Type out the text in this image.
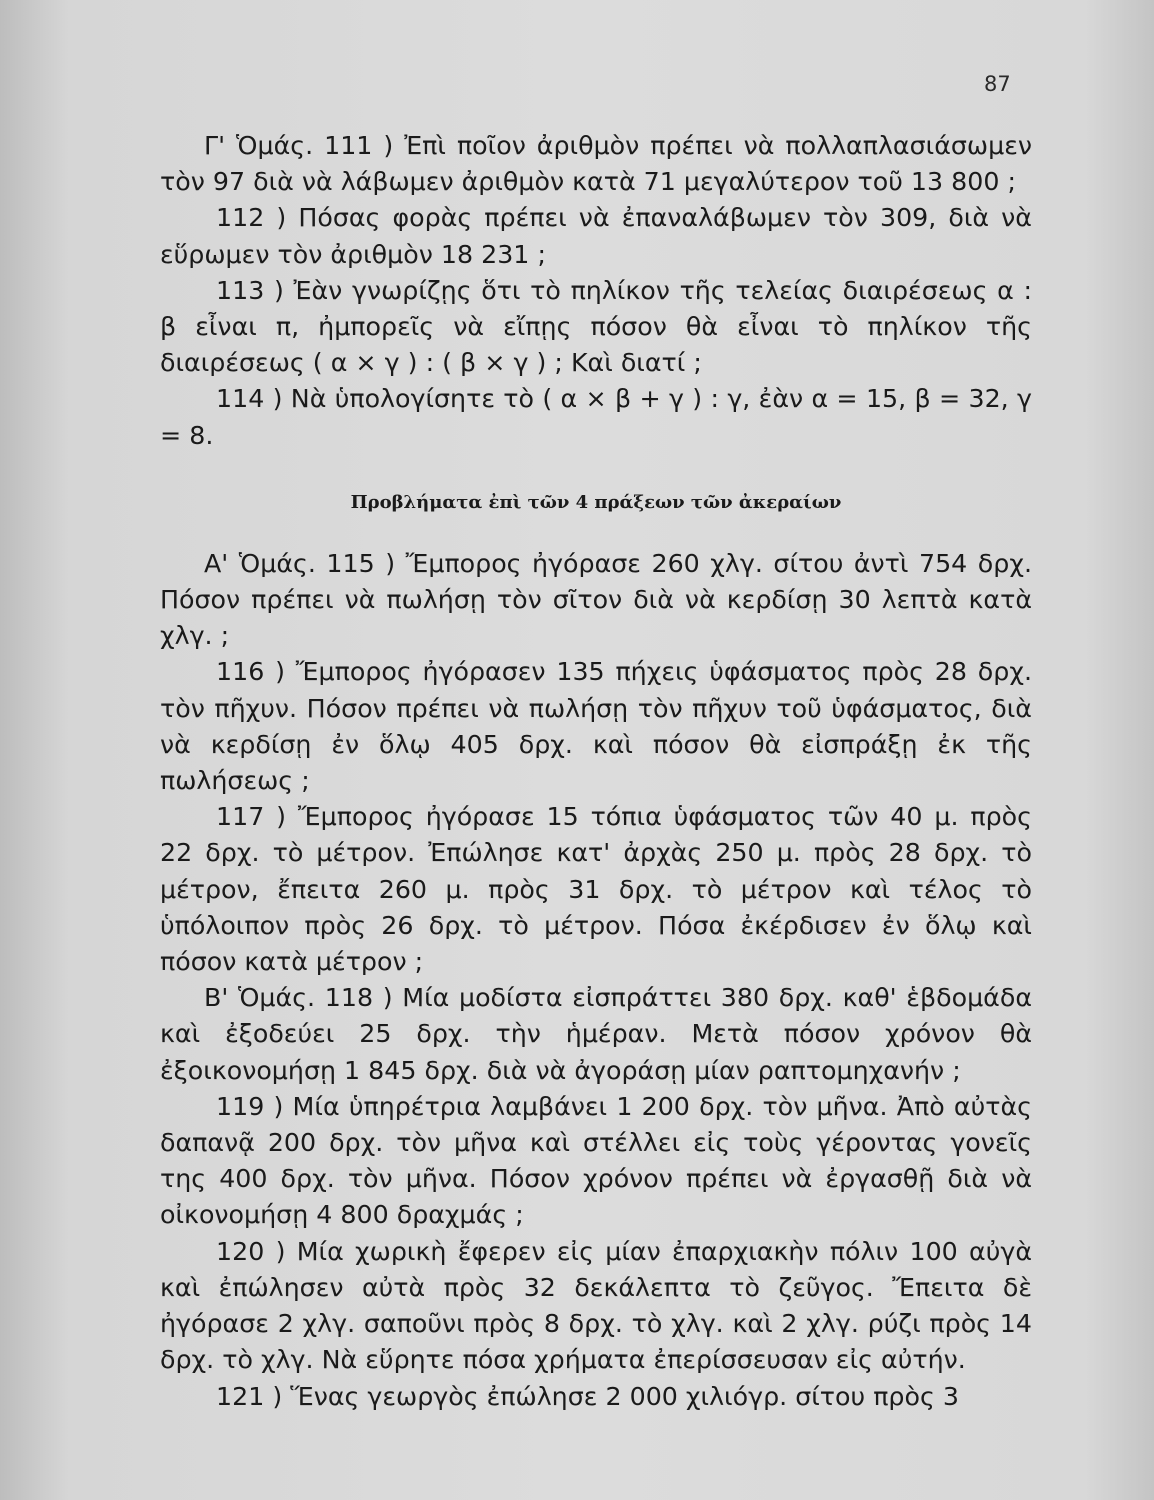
87

Γ' Ὁμάς. 111 ) Ἐπὶ ποῖον ἀριθμὸν πρέπει νὰ πολλαπλασιάσωμεν τὸν 97 διὰ νὰ λάβωμεν ἀριθμὸν κατὰ 71 μεγαλύτερον τοῦ 13 800 ;

112 ) Πόσας φορὰς πρέπει νὰ ἐπαναλάβωμεν τὸν 309, διὰ νὰ εὕρωμεν τὸν ἀριθμὸν 18 231 ;

113 ) Ἐὰν γνωρίζῃς ὅτι τὸ πηλίκον τῆς τελείας διαιρέσεως α : β εἶναι π, ἠμπορεῖς νὰ εἴπῃς πόσον θὰ εἶναι τὸ πηλίκον τῆς διαιρέσεως ( α × γ ) : ( β × γ ) ; Καὶ διατί ;

114 ) Νὰ ὑπολογίσητε τὸ ( α × β + γ ) : γ, ἐὰν α = 15, β = 32, γ = 8.

Προβλήματα ἐπὶ τῶν 4 πράξεων τῶν ἀκεραίων

Α' Ὁμάς. 115 ) Ἔμπορος ἠγόρασε 260 χλγ. σίτου ἀντὶ 754 δρχ. Πόσον πρέπει νὰ πωλήσῃ τὸν σῖτον διὰ νὰ κερδίσῃ 30 λεπτὰ κατὰ χλγ. ;

116 ) Ἔμπορος ἠγόρασεν 135 πήχεις ὑφάσματος πρὸς 28 δρχ. τὸν πῆχυν. Πόσον πρέπει νὰ πωλήσῃ τὸν πῆχυν τοῦ ὑφάσματος, διὰ νὰ κερδίσῃ ἐν ὅλῳ 405 δρχ. καὶ πόσον θὰ εἰσπράξῃ ἐκ τῆς πωλήσεως ;

117 ) Ἔμπορος ἠγόρασε 15 τόπια ὑφάσματος τῶν 40 μ. πρὸς 22 δρχ. τὸ μέτρον. Ἐπώλησε κατ' ἀρχὰς 250 μ. πρὸς 28 δρχ. τὸ μέτρον, ἔπειτα 260 μ. πρὸς 31 δρχ. τὸ μέτρον καὶ τέλος τὸ ὑπόλοιπον πρὸς 26 δρχ. τὸ μέτρον. Πόσα ἐκέρδισεν ἐν ὅλῳ καὶ πόσον κατὰ μέτρον ;

Β' Ὁμάς. 118 ) Μία μοδίστα εἰσπράττει 380 δρχ. καθ' ἑβδομάδα καὶ ἐξοδεύει 25 δρχ. τὴν ἡμέραν. Μετὰ πόσον χρόνον θὰ ἐξοικονομήσῃ 1 845 δρχ. διὰ νὰ ἀγοράσῃ μίαν ραπτομηχανήν ;

119 ) Μία ὑπηρέτρια λαμβάνει 1 200 δρχ. τὸν μῆνα. Ἀπὸ αὐτὰς δαπανᾷ 200 δρχ. τὸν μῆνα καὶ στέλλει εἰς τοὺς γέροντας γονεῖς της 400 δρχ. τὸν μῆνα. Πόσον χρόνον πρέπει νὰ ἐργασθῇ διὰ νὰ οἰκονομήσῃ 4 800 δραχμάς ;

120 ) Μία χωρικὴ ἔφερεν εἰς μίαν ἐπαρχιακὴν πόλιν 100 αὐγὰ καὶ ἐπώλησεν αὐτὰ πρὸς 32 δεκάλεπτα τὸ ζεῦγος. Ἔπειτα δὲ ἠγόρασε 2 χλγ. σαποῦνι πρὸς 8 δρχ. τὸ χλγ. καὶ 2 χλγ. ρύζι πρὸς 14 δρχ. τὸ χλγ. Νὰ εὕρητε πόσα χρήματα ἐπερίσσευσαν εἰς αὐτήν.

121 ) Ἕνας γεωργὸς ἐπώλησε 2 000 χιλιόγρ. σίτου πρὸς 3
